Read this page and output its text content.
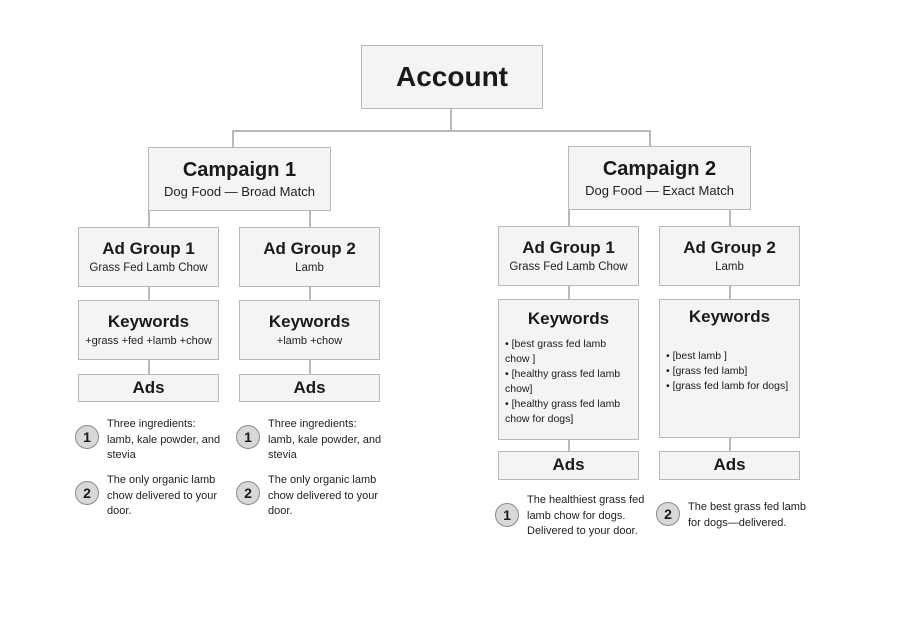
Account
Campaign 1
Dog Food — Broad Match
Campaign 2
Dog Food — Exact Match
Ad Group 1
Grass Fed Lamb Chow
Ad Group 2
Lamb
Ad Group 1
Grass Fed Lamb Chow
Ad Group 2
Lamb
Keywords
+grass +fed +lamb +chow
Keywords
+lamb +chow
Keywords
• [best grass fed lamb chow ]
• [healthy grass fed lamb chow]
• [healthy grass fed lamb chow for dogs]
Keywords
• [best lamb ]
• [grass fed lamb]
• [grass fed lamb for dogs]
Ads	Ads
Ads	Ads
1
Three ingredients: lamb, kale powder, and stevia
2
The only organic lamb chow delivered to your door.
1
Three ingredients: lamb, kale powder, and stevia
2
The only organic lamb chow delivered to your door.	1
The healthiest grass fed lamb chow for dogs. Delivered to your door.
2	The best grass fed lamb for dogs—delivered.
